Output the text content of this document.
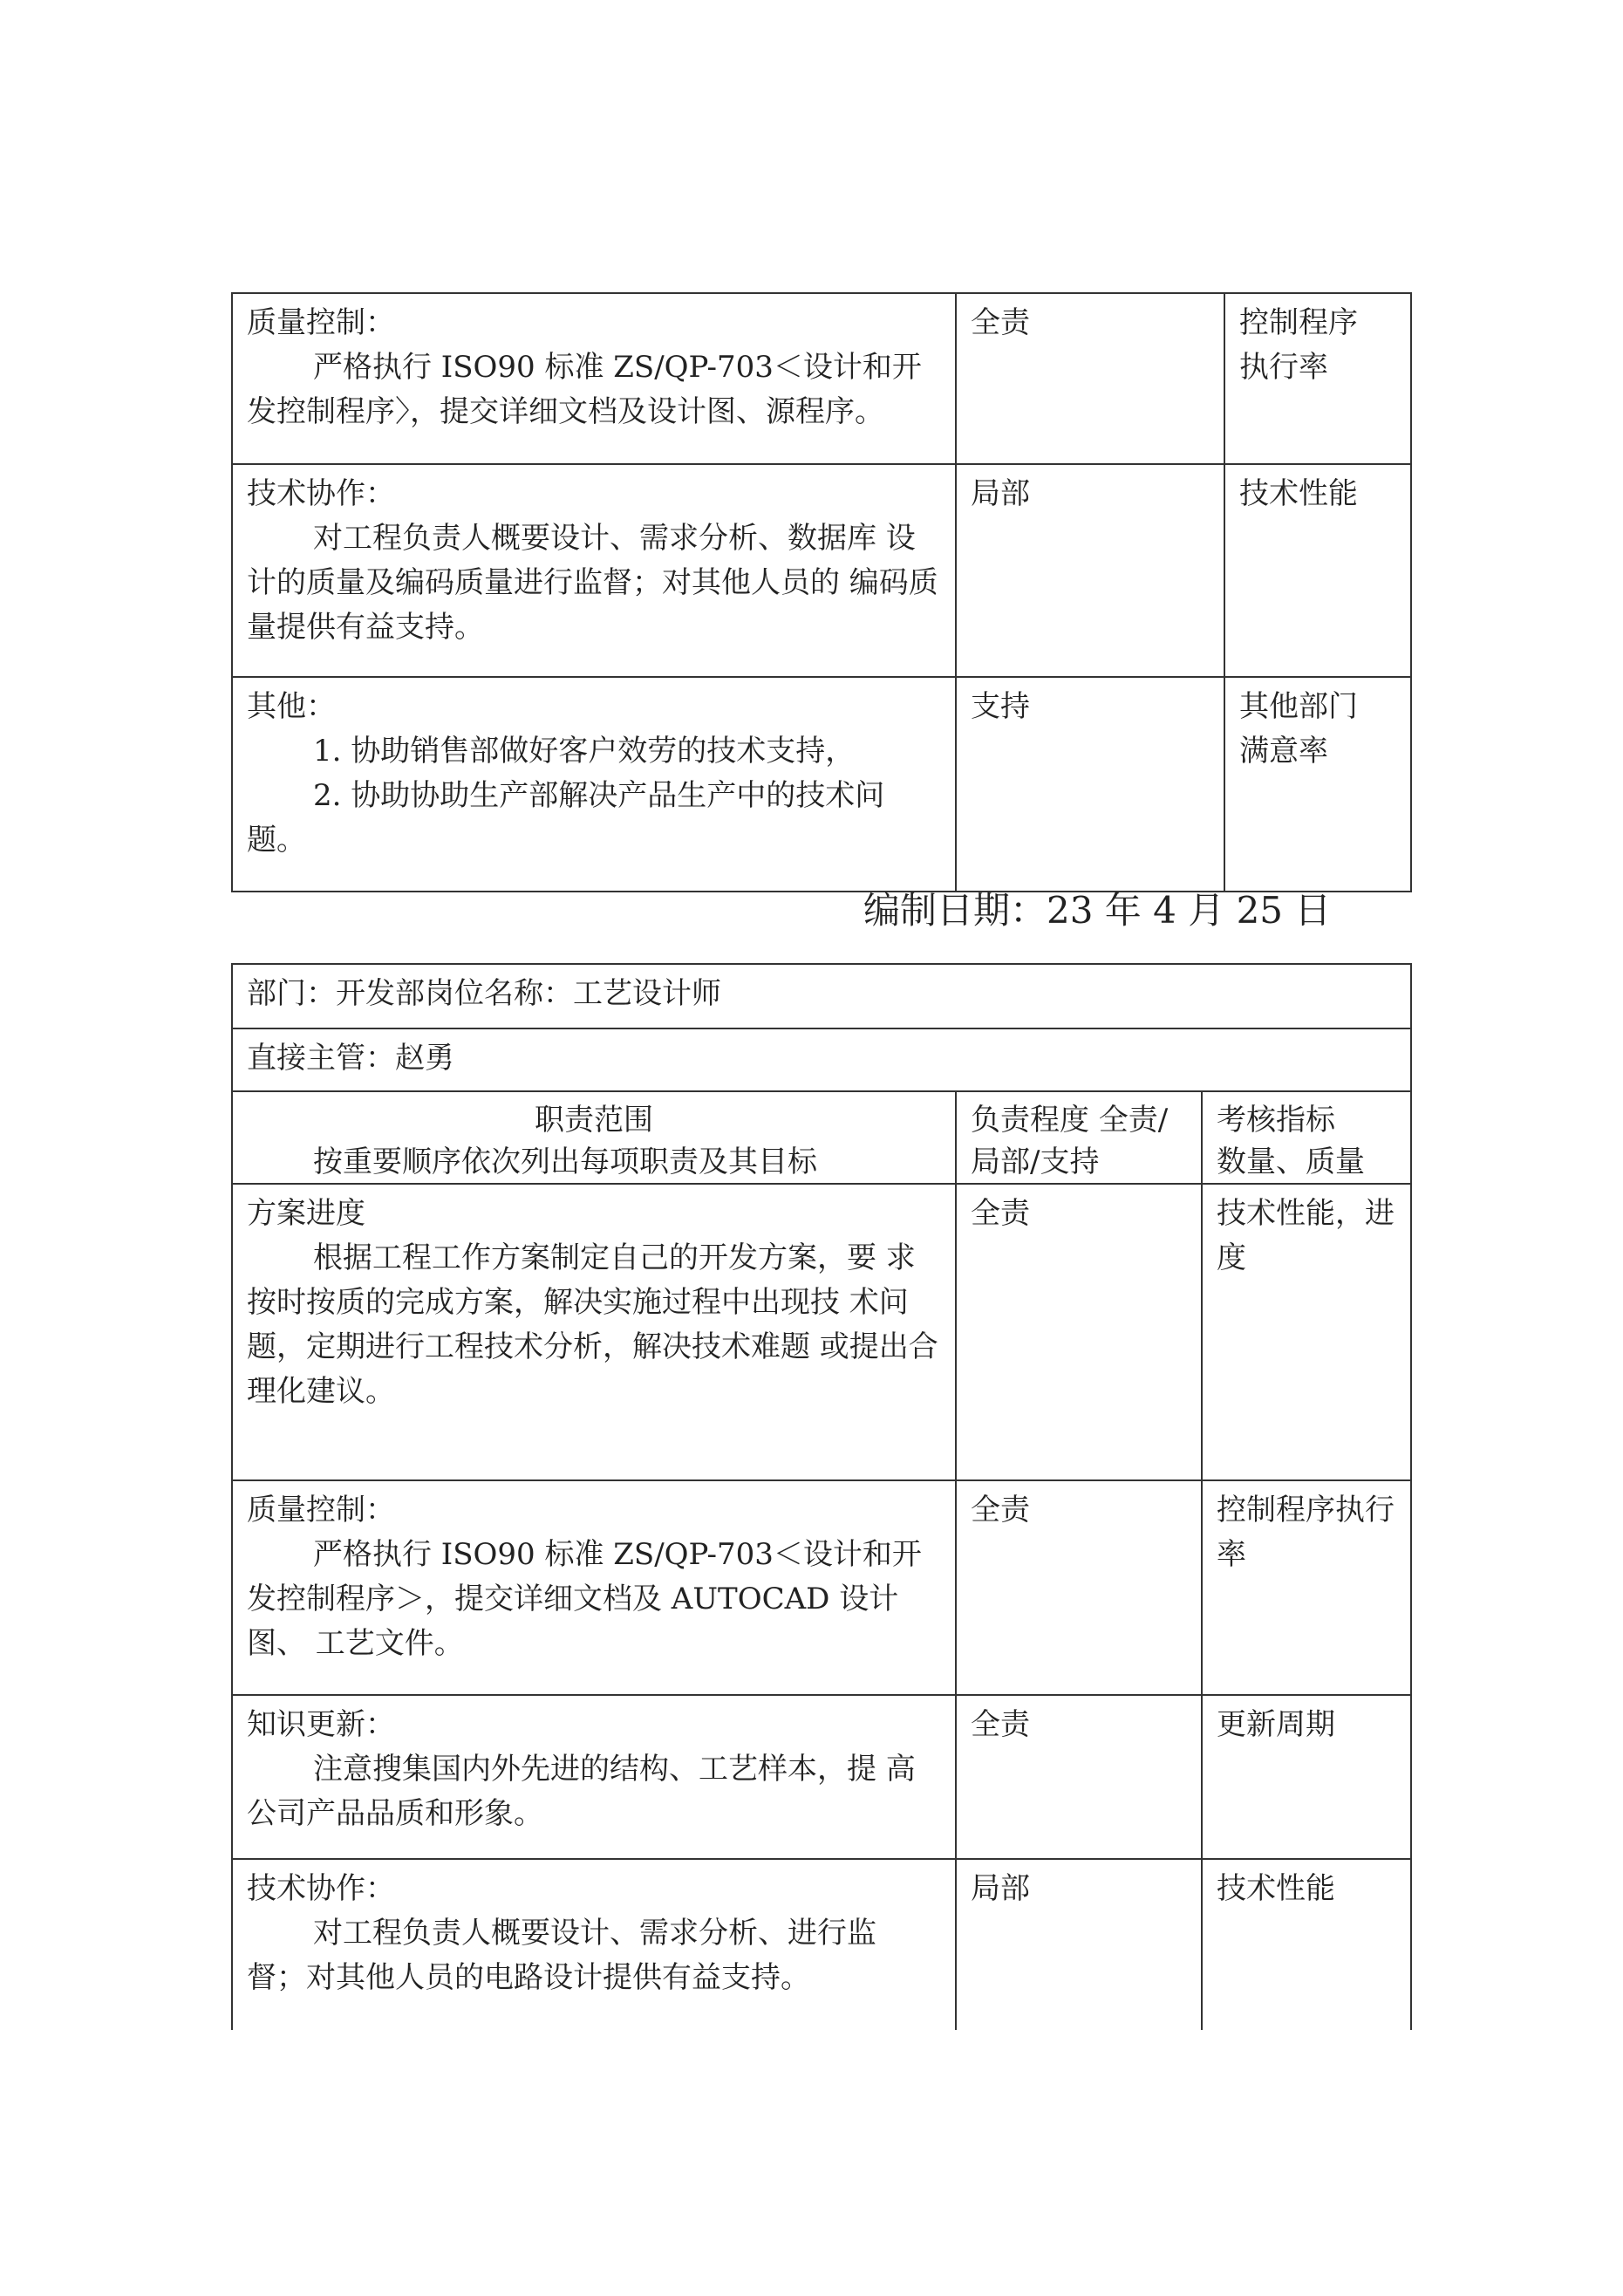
质量控制：
严格执行 ISO90 标准 ZS/QP-703＜设计和开 发控制程序〉，提交详细文档及设计图、源程序。	全责	控制程序 执行率

技术协作：
对工程负责人概要设计、需求分析、数据库 设计的质量及编码质量进行监督；对其他人员的 编码质量提供有益支持。	局部	技术性能

其他：
1. 协助销售部做好客户效劳的技术支持，
2. 协助协助生产部解决产品生产中的技术问
题。	支持	其他部门 满意率
编制日期：23 年 4 月 25 日
部门：开发部岗位名称：工艺设计师		
直接主管：赵勇		

职责范围
按重要顺序依次列出每项职责及其目标	负责程度 全责/局部/支持	考核指标
数量、质量

方案进度
根据工程工作方案制定自己的开发方案，要 求按时按质的完成方案，解决实施过程中出现技 术问题，定期进行工程技术分析，解决技术难题 或提出合理化建议。	全责	技术性能，进度

质量控制：
严格执行 ISO90 标准 ZS/QP-703＜设计和开 发控制程序＞，提交详细文档及 AUTOCAD 设计图、 工艺文件。	全责	控制程序执行率

知识更新：
注意搜集国内外先进的结构、工艺样本，提 高公司产品品质和形象。	全责	更新周期

技术协作：
对工程负责人概要设计、需求分析、进行监 督；对其他人员的电路设计提供有益支持。	局部	技术性能
